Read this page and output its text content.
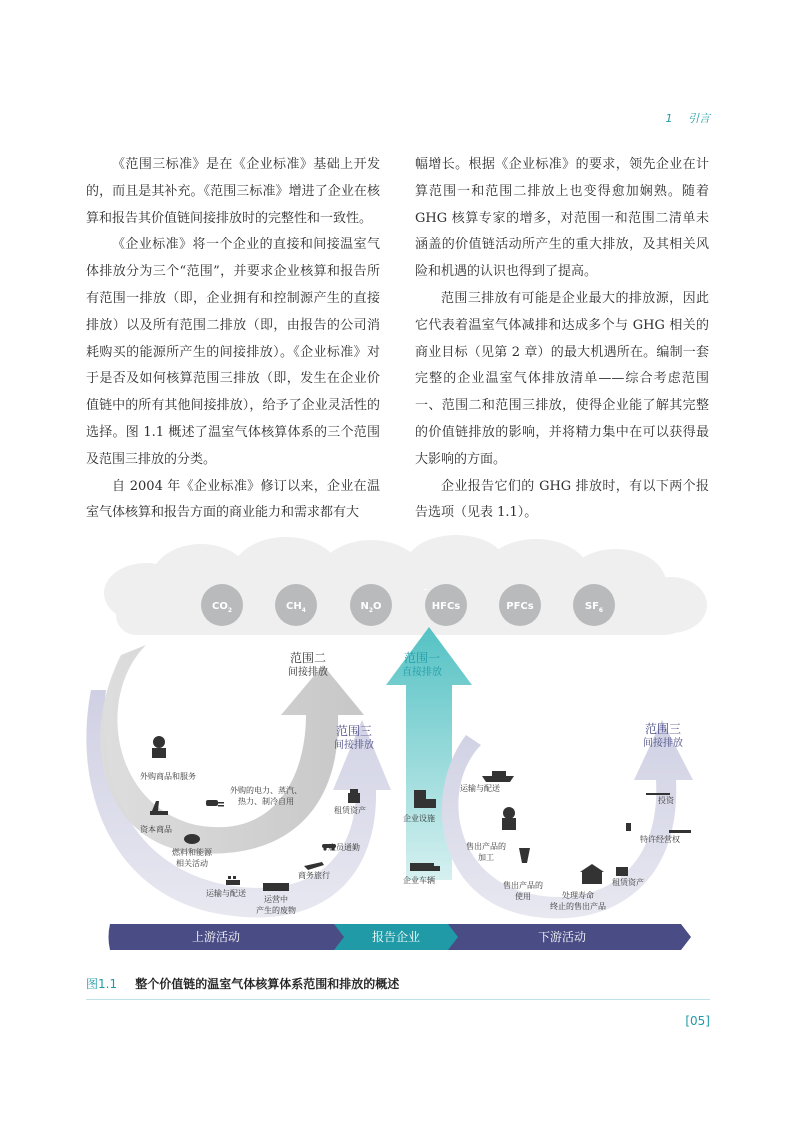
1 引言

《范围三标准》是在《企业标准》基础上开发的，而且是其补充。《范围三标准》增进了企业在核算和报告其价值链间接排放时的完整性和一致性。

《企业标准》将一个企业的直接和间接温室气体排放分为三个“范围”，并要求企业核算和报告所有范围一排放（即，企业拥有和控制源产生的直接排放）以及所有范围二排放（即，由报告的公司消耗购买的能源所产生的间接排放）。《企业标准》对于是否及如何核算范围三排放（即，发生在企业价值链中的所有其他间接排放），给予了企业灵活性的选择。图 1.1 概述了温室气体核算体系的三个范围及范围三排放的分类。

自 2004 年《企业标准》修订以来，企业在温室气体核算和报告方面的商业能力和需求都有大

幅增长。根据《企业标准》的要求，领先企业在计算范围一和范围二排放上也变得愈加娴熟。随着 GHG 核算专家的增多，对范围一和范围二清单未涵盖的价值链活动所产生的重大排放，及其相关风险和机遇的认识也得到了提高。

范围三排放有可能是企业最大的排放源，因此它代表着温室气体减排和达成多个与 GHG 相关的商业目标（见第 2 章）的最大机遇所在。编制一套完整的企业温室气体排放清单——综合考虑范围一、范围二和范围三排放，使得企业能了解其完整的价值链排放的影响，并将精力集中在可以获得最大影响的方面。

企业报告它们的 GHG 排放时，有以下两个报告选项（见表 1.1）。

$CO_2$	$CH_4$	$N_2O$	HFCs	PFCs	$SF_6$
范围二
间接排放
范围一
直接排放
范围三
间接排放
范围三
间接排放
外购商品和服务
外购的电力、蒸汽、
热力、制冷自用
资本商品
燃料和能源
相关活动
运输与配送
运营中
产生的废物
商务旅行
雇员通勤
租赁资产
企业设施
企业车辆
运输与配送
售出产品的
加工
售出产品的
使用	处理寿命
终止的售出产品
租赁资产
特许经营权
投资
上游活动	报告企业	下游活动
图1.1 整个价值链的温室气体核算体系范围和排放的概述
[05]
